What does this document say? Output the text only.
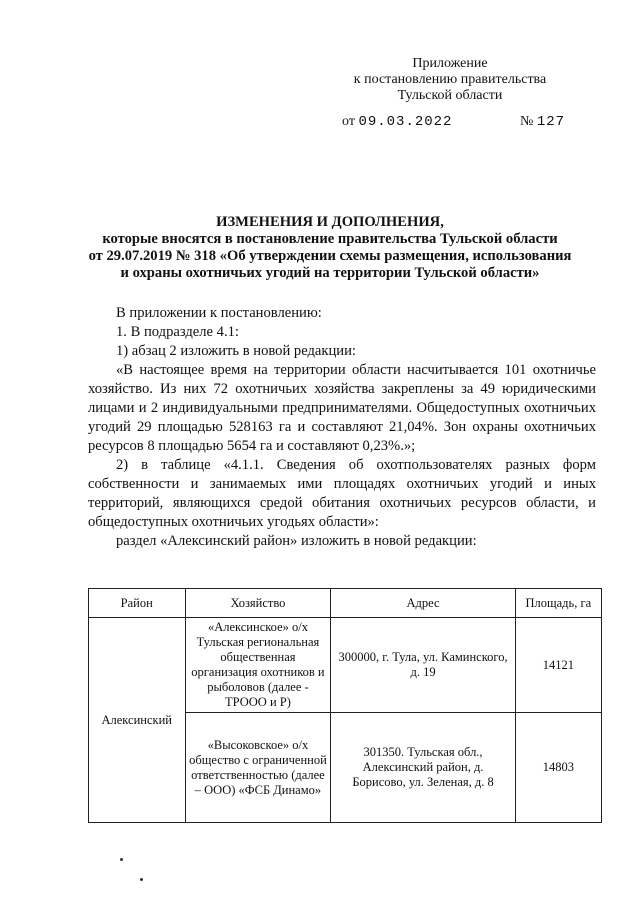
Приложение
к постановлению правительства
Тульской области
от 09.03.2022	№ 127
ИЗМЕНЕНИЯ И ДОПОЛНЕНИЯ,
которые вносятся в постановление правительства Тульской области
от 29.07.2019 № 318 «Об утверждении схемы размещения, использования
и охраны охотничьих угодий на территории Тульской области»

В приложении к постановлению:

1. В подразделе 4.1:

1) абзац 2 изложить в новой редакции:

«В настоящее время на территории области насчитывается 101 охотничье хозяйство. Из них 72 охотничьих хозяйства закреплены за 49 юридическими лицами и 2 индивидуальными предпринимателями. Общедоступных охотничьих угодий 29 площадью 528163 га и составляют 21,04%. Зон охраны охотничьих ресурсов 8 площадью 5654 га и составляют 0,23%.»;

2) в таблице «4.1.1. Сведения об охотпользователях разных форм собственности и занимаемых ими площадях охотничьих угодий и иных территорий, являющихся средой обитания охотничьих ресурсов области, и общедоступных охотничьих угодьях области»:

раздел «Алексинский район» изложить в новой редакции:

Район	Хозяйство	Адрес	Площадь, га
Алексинский	«Алексинское» о/х Тульская региональная общественная организация охотников и рыболовов (далее - ТРООО и Р)	300000, г. Тула, ул. Каминского, д. 19	14121
	«Высоковское» о/х общество с ограниченной ответственностью (далее – ООО) «ФСБ Динамо»	301350. Тульская обл., Алексинский район, д. Борисово, ул. Зеленая, д. 8	14803
